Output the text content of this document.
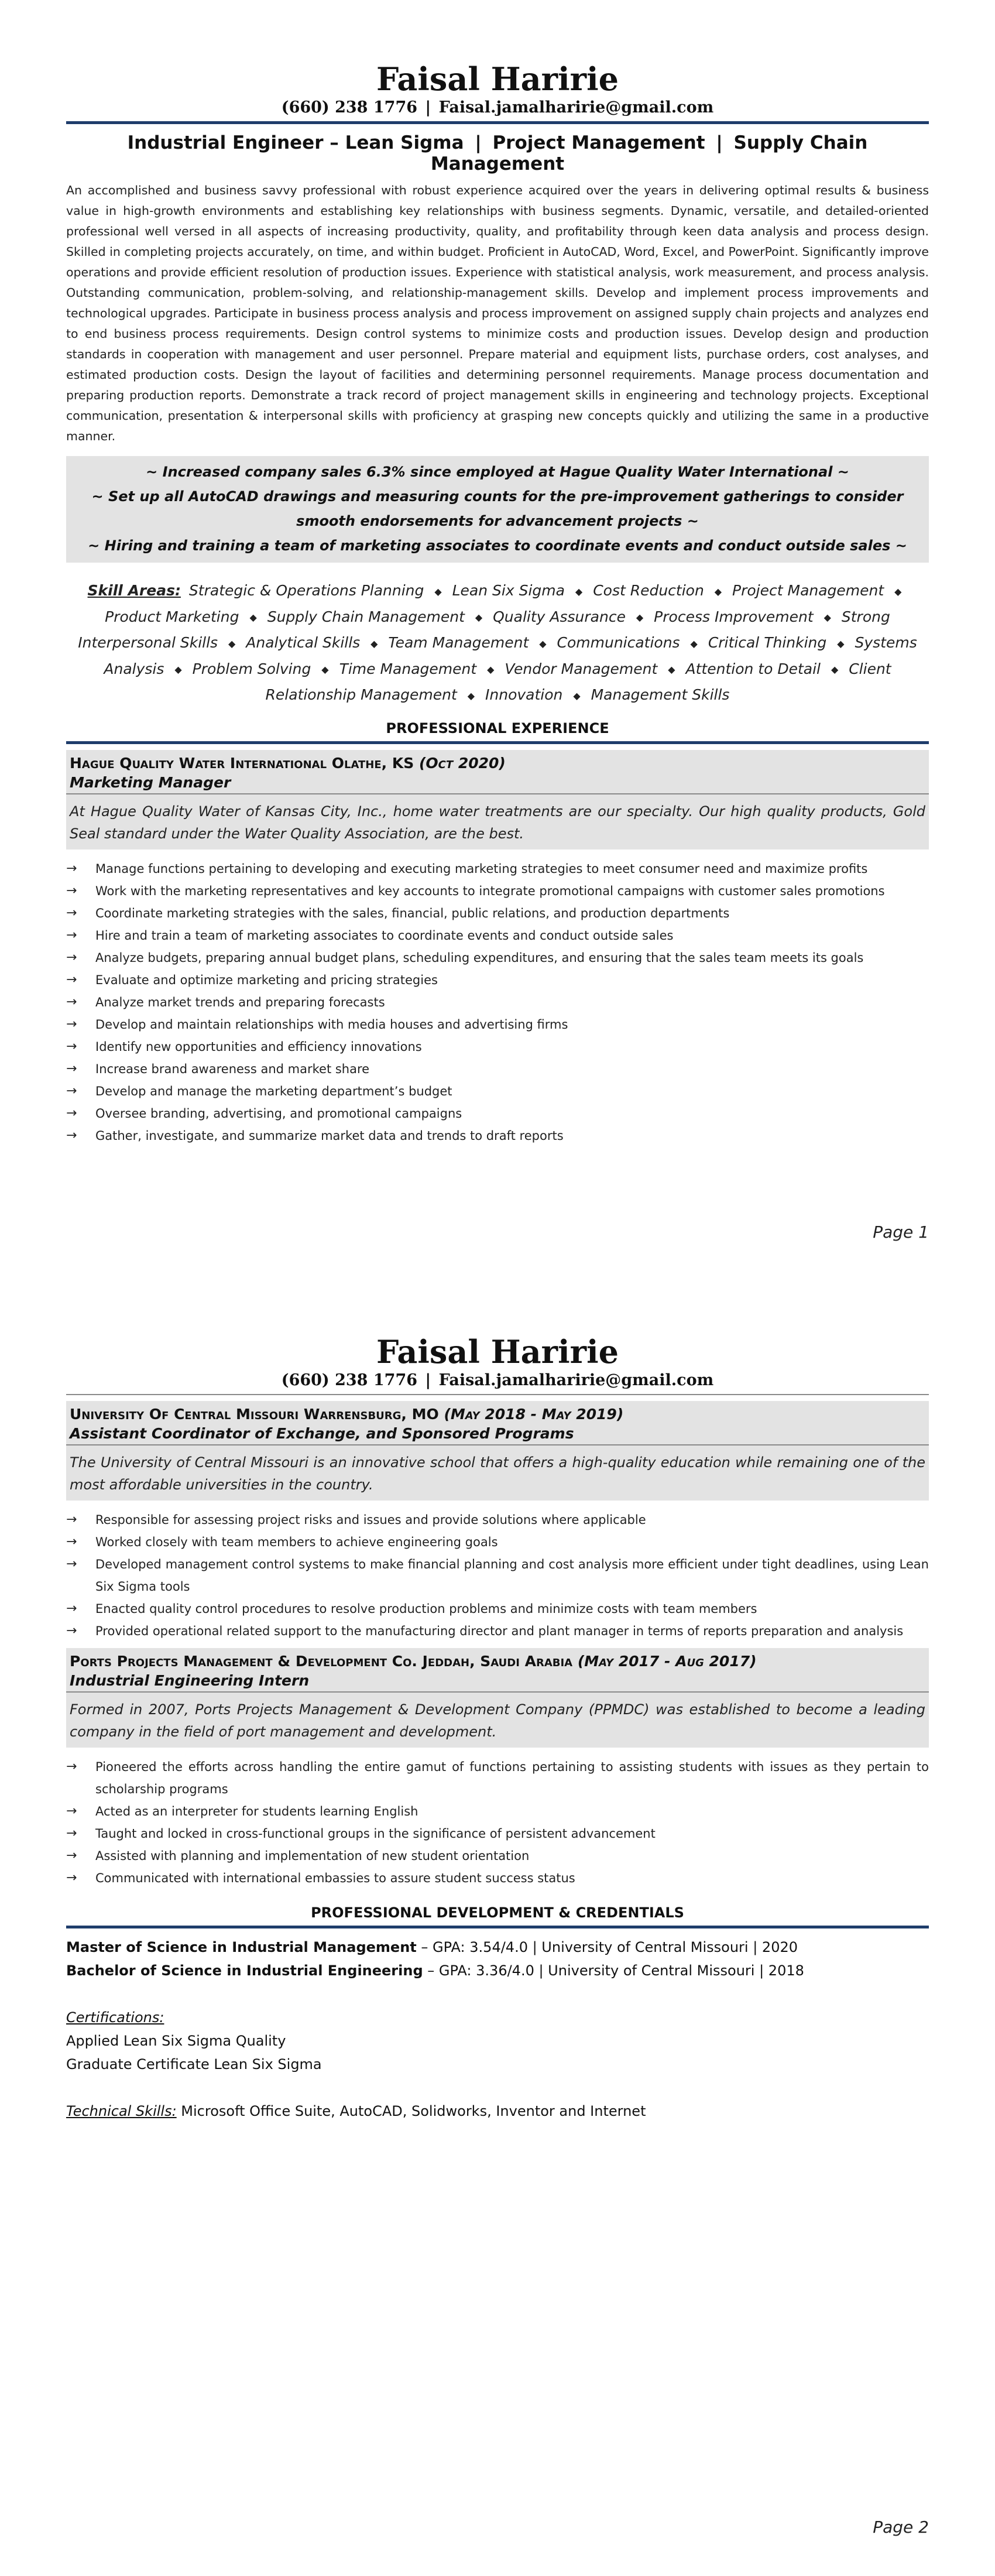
Faisal Haririe
(660) 238 1776 | Faisal.jamalharirie@gmail.com
Industrial Engineer – Lean Sigma | Project Management | Supply Chain Management
An accomplished and business savvy professional with robust experience acquired over the years in delivering optimal results & business value in high-growth environments and establishing key relationships with business segments. Dynamic, versatile, and detailed-oriented professional well versed in all aspects of increasing productivity, quality, and profitability through keen data analysis and process design. Skilled in completing projects accurately, on time, and within budget. Proficient in AutoCAD, Word, Excel, and PowerPoint. Significantly improve operations and provide efficient resolution of production issues. Experience with statistical analysis, work measurement, and process analysis. Outstanding communication, problem-solving, and relationship-management skills. Develop and implement process improvements and technological upgrades. Participate in business process analysis and process improvement on assigned supply chain projects and analyzes end to end business process requirements. Design control systems to minimize costs and production issues. Develop design and production standards in cooperation with management and user personnel. Prepare material and equipment lists, purchase orders, cost analyses, and estimated production costs. Design the layout of facilities and determining personnel requirements. Manage process documentation and preparing production reports. Demonstrate a track record of project management skills in engineering and technology projects. Exceptional communication, presentation & interpersonal skills with proficiency at grasping new concepts quickly and utilizing the same in a productive manner.
~ Increased company sales 6.3% since employed at Hague Quality Water International ~
~ Set up all AutoCAD drawings and measuring counts for the pre-improvement gatherings to consider smooth endorsements for advancement projects ~
~ Hiring and training a team of marketing associates to coordinate events and conduct outside sales ~
Skill Areas: Strategic & Operations Planning ◆ Lean Six Sigma ◆ Cost Reduction ◆ Project Management ◆ Product Marketing ◆ Supply Chain Management ◆ Quality Assurance ◆ Process Improvement ◆ Strong Interpersonal Skills ◆ Analytical Skills ◆ Team Management ◆ Communications ◆ Critical Thinking ◆ Systems Analysis ◆ Problem Solving ◆ Time Management ◆ Vendor Management ◆ Attention to Detail ◆ Client Relationship Management ◆ Innovation ◆ Management Skills
PROFESSIONAL EXPERIENCE
Hague Quality Water International Olathe, KS (Oct 2020)
Marketing Manager
At Hague Quality Water of Kansas City, Inc., home water treatments are our specialty. Our high quality products, Gold Seal standard under the Water Quality Association, are the best.
→	Manage functions pertaining to developing and executing marketing strategies to meet consumer need and maximize profits
→	Work with the marketing representatives and key accounts to integrate promotional campaigns with customer sales promotions
→	Coordinate marketing strategies with the sales, financial, public relations, and production departments
→	Hire and train a team of marketing associates to coordinate events and conduct outside sales
→	Analyze budgets, preparing annual budget plans, scheduling expenditures, and ensuring that the sales team meets its goals
→	Evaluate and optimize marketing and pricing strategies
→	Analyze market trends and preparing forecasts
→	Develop and maintain relationships with media houses and advertising firms
→	Identify new opportunities and efficiency innovations
→	Increase brand awareness and market share
→	Develop and manage the marketing department’s budget
→	Oversee branding, advertising, and promotional campaigns
→	Gather, investigate, and summarize market data and trends to draft reports
Page 1
Faisal Haririe
(660) 238 1776 | Faisal.jamalharirie@gmail.com
University Of Central Missouri Warrensburg, MO (May 2018 - May 2019)
Assistant Coordinator of Exchange, and Sponsored Programs
The University of Central Missouri is an innovative school that offers a high-quality education while remaining one of the most affordable universities in the country.
→	Responsible for assessing project risks and issues and provide solutions where applicable
→	Worked closely with team members to achieve engineering goals
→	Developed management control systems to make financial planning and cost analysis more efficient under tight deadlines, using Lean Six Sigma tools
→	Enacted quality control procedures to resolve production problems and minimize costs with team members
→	Provided operational related support to the manufacturing director and plant manager in terms of reports preparation and analysis
Ports Projects Management & Development Co. Jeddah, Saudi Arabia (May 2017 - Aug 2017)
Industrial Engineering Intern
Formed in 2007, Ports Projects Management & Development Company (PPMDC) was established to become a leading company in the field of port management and development.
→	Pioneered the efforts across handling the entire gamut of functions pertaining to assisting students with issues as they pertain to scholarship programs
→	Acted as an interpreter for students learning English
→	Taught and locked in cross-functional groups in the significance of persistent advancement
→	Assisted with planning and implementation of new student orientation
→	Communicated with international embassies to assure student success status
PROFESSIONAL DEVELOPMENT & CREDENTIALS
Master of Science in Industrial Management – GPA: 3.54/4.0 | University of Central Missouri | 2020
Bachelor of Science in Industrial Engineering – GPA: 3.36/4.0 | University of Central Missouri | 2018
Certifications:
Applied Lean Six Sigma Quality
Graduate Certificate Lean Six Sigma
Technical Skills: Microsoft Office Suite, AutoCAD, Solidworks, Inventor and Internet
Page 2
